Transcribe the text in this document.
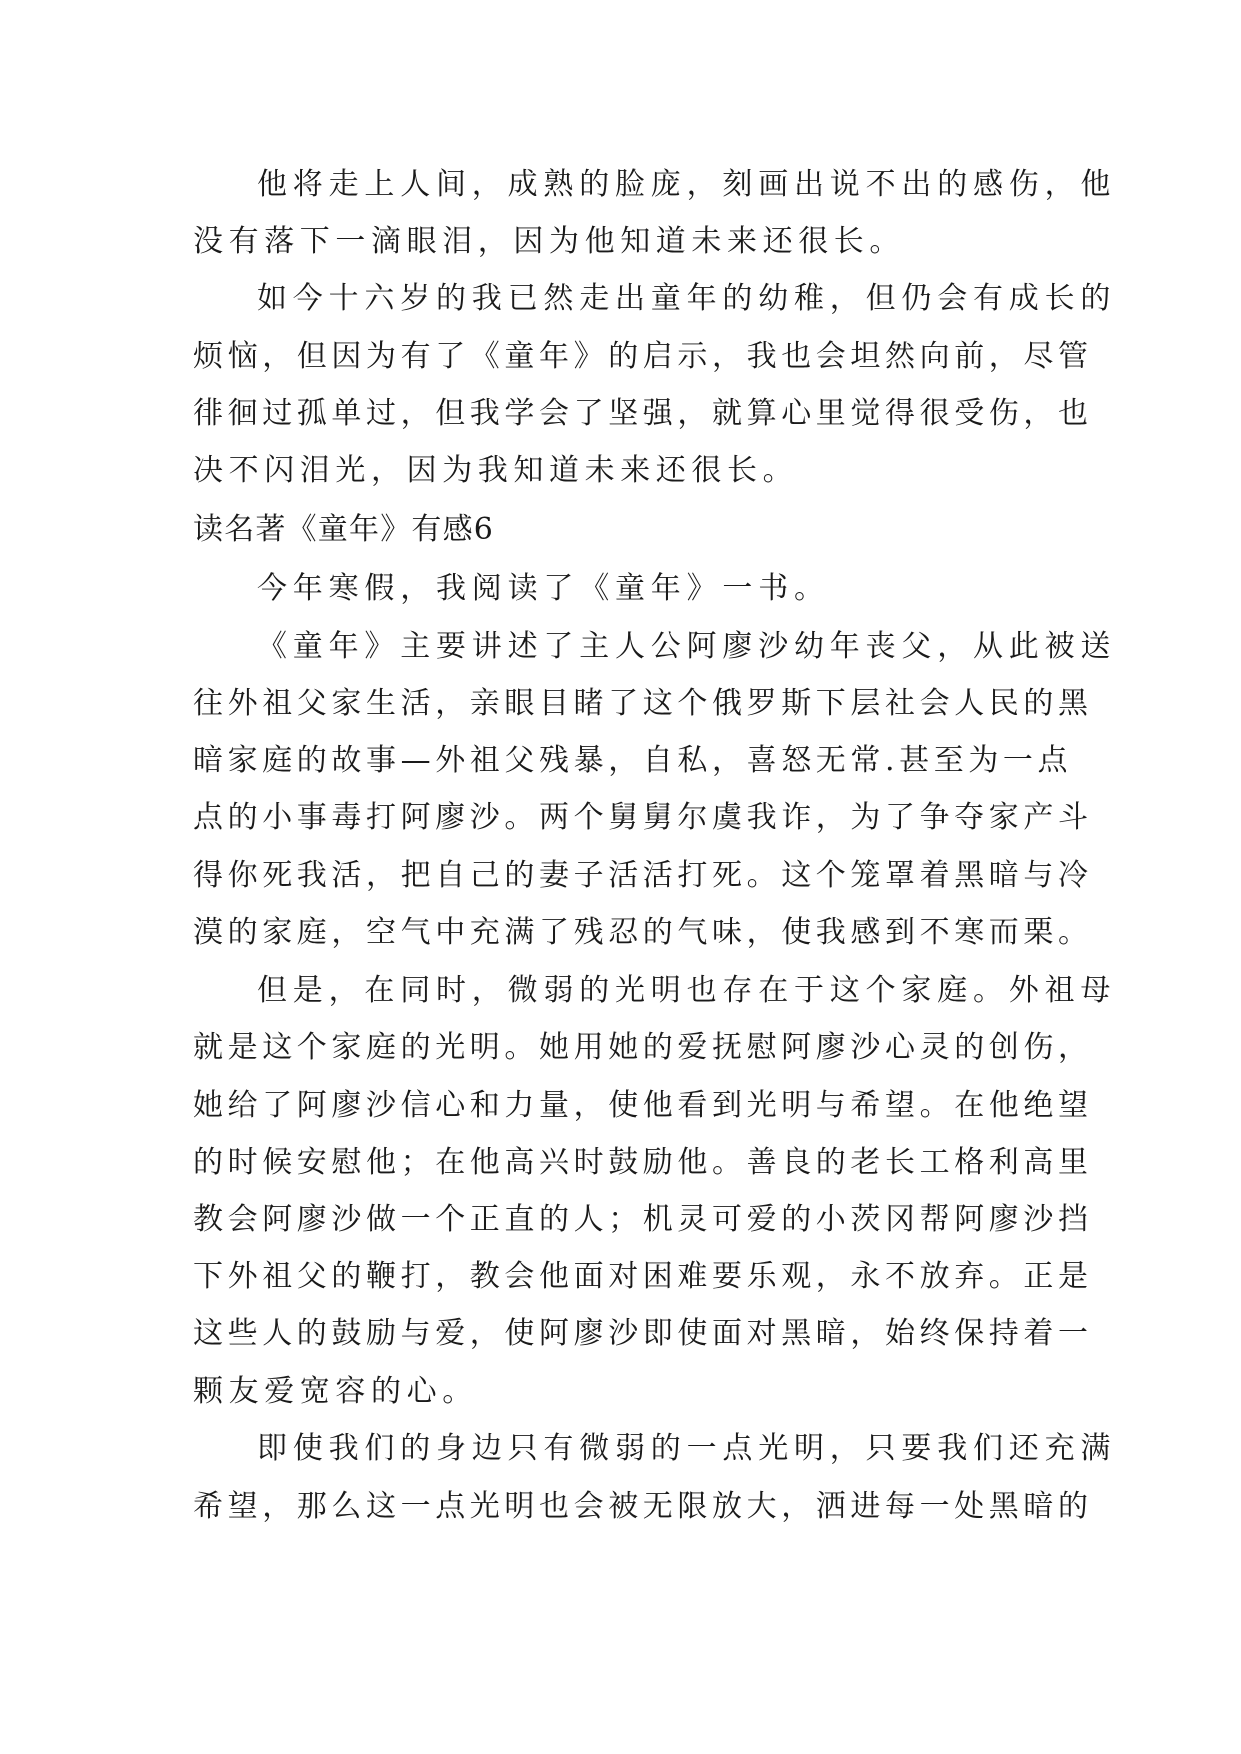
他将走上人间，成熟的脸庞，刻画出说不出的感伤，他
没有落下一滴眼泪，因为他知道未来还很长。
如今十六岁的我已然走出童年的幼稚，但仍会有成长的
烦恼，但因为有了《童年》的启示，我也会坦然向前，尽管
徘徊过孤单过，但我学会了坚强，就算心里觉得很受伤，也
决不闪泪光，因为我知道未来还很长。
读名著《童年》有感6
今年寒假，我阅读了《童年》一书。
《童年》主要讲述了主人公阿廖沙幼年丧父，从此被送
往外祖父家生活，亲眼目睹了这个俄罗斯下层社会人民的黑
暗家庭的故事—外祖父残暴，自私，喜怒无常.甚至为一点
点的小事毒打阿廖沙。两个舅舅尔虞我诈，为了争夺家产斗
得你死我活，把自己的妻子活活打死。这个笼罩着黑暗与冷
漠的家庭，空气中充满了残忍的气味，使我感到不寒而栗。
但是，在同时，微弱的光明也存在于这个家庭。外祖母
就是这个家庭的光明。她用她的爱抚慰阿廖沙心灵的创伤，
她给了阿廖沙信心和力量，使他看到光明与希望。在他绝望
的时候安慰他；在他高兴时鼓励他。善良的老长工格利高里
教会阿廖沙做一个正直的人；机灵可爱的小茨冈帮阿廖沙挡
下外祖父的鞭打，教会他面对困难要乐观，永不放弃。正是
这些人的鼓励与爱，使阿廖沙即使面对黑暗，始终保持着一
颗友爱宽容的心。
即使我们的身边只有微弱的一点光明，只要我们还充满
希望，那么这一点光明也会被无限放大，洒进每一处黑暗的
